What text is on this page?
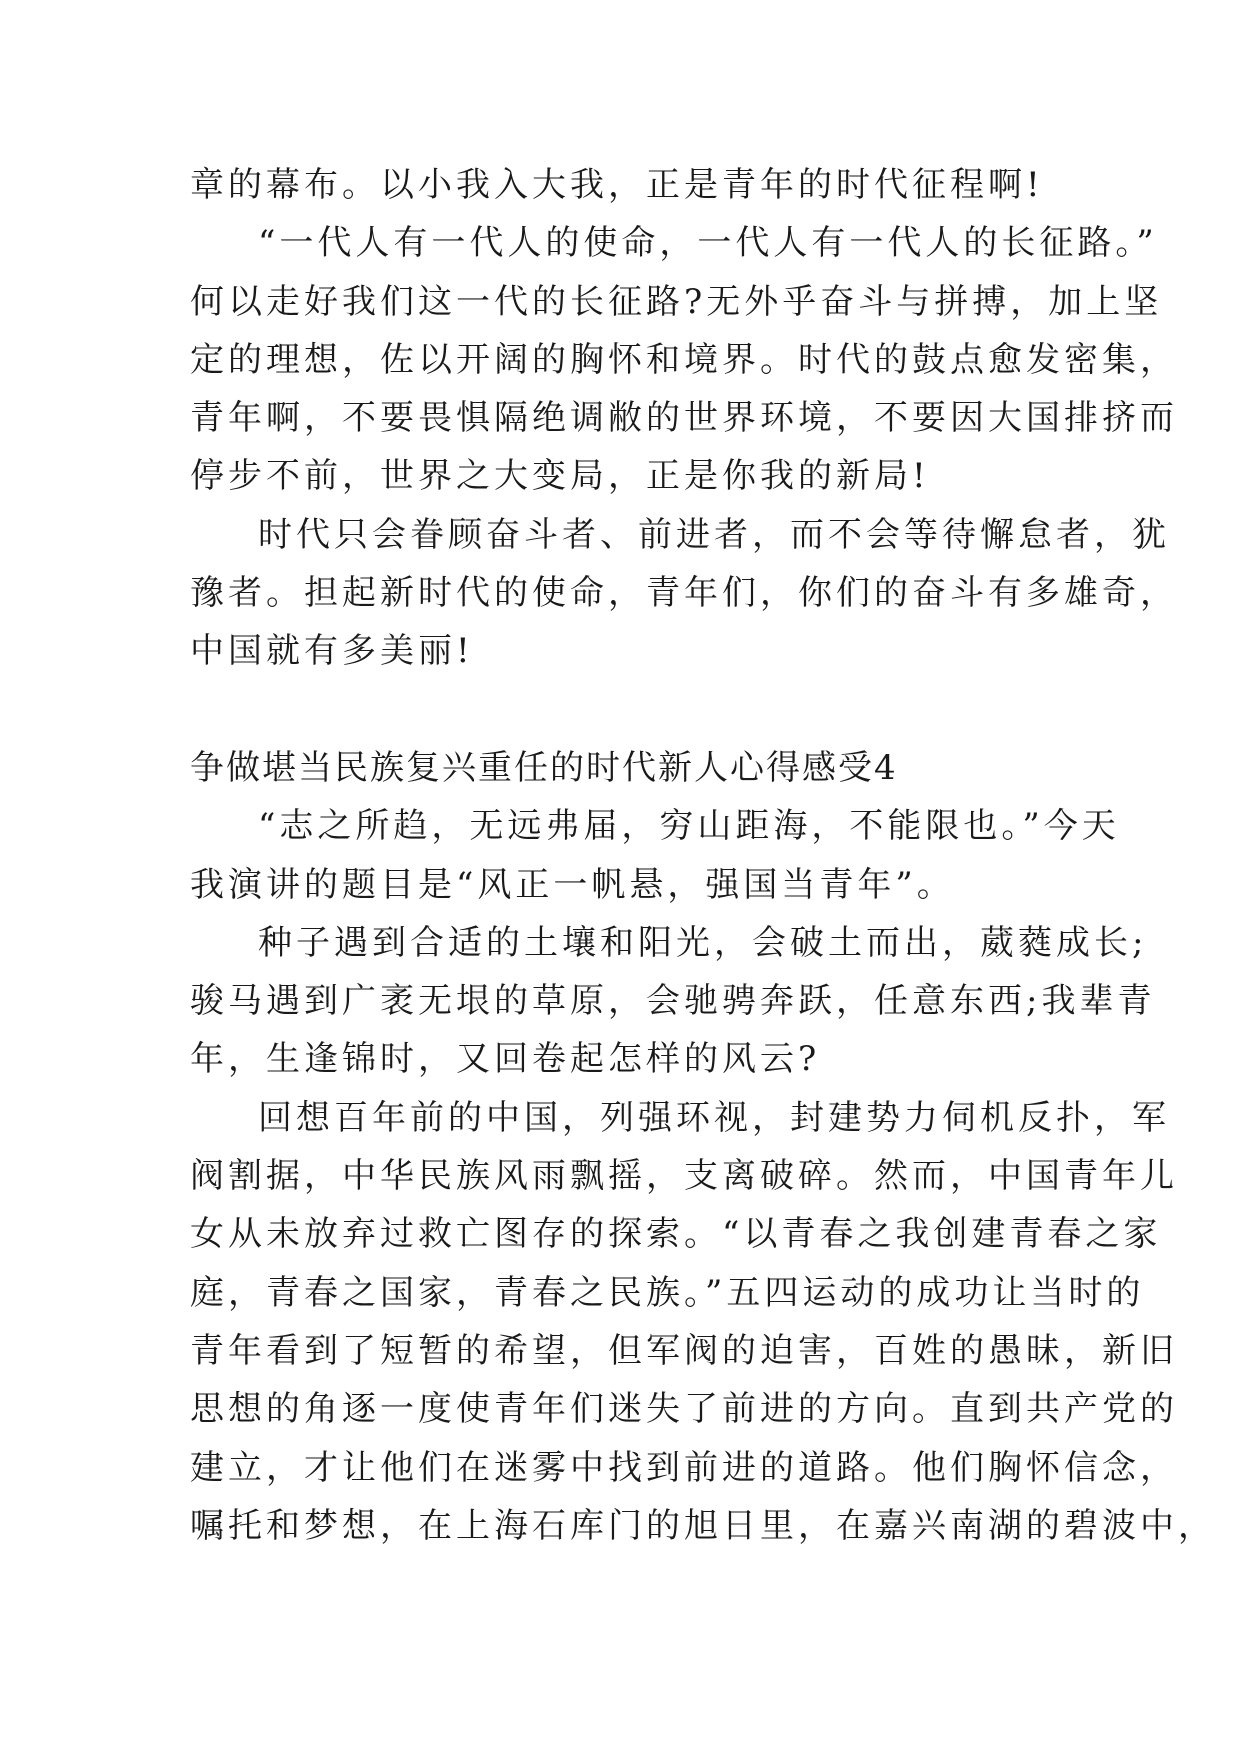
章的幕布。以小我入大我，正是青年的时代征程啊!
“一代人有一代人的使命，一代人有一代人的长征路。”
何以走好我们这一代的长征路?无外乎奋斗与拼搏，加上坚
定的理想，佐以开阔的胸怀和境界。时代的鼓点愈发密集，
青年啊，不要畏惧隔绝调敝的世界环境，不要因大国排挤而
停步不前，世界之大变局，正是你我的新局!
时代只会眷顾奋斗者、前进者，而不会等待懈怠者，犹
豫者。担起新时代的使命，青年们，你们的奋斗有多雄奇，
中国就有多美丽!
争做堪当民族复兴重任的时代新人心得感受4
“志之所趋，无远弗届，穷山距海，不能限也。”今天
我演讲的题目是“风正一帆悬，强国当青年”。
种子遇到合适的土壤和阳光，会破土而出，葳蕤成长;
骏马遇到广袤无垠的草原，会驰骋奔跃，任意东西;我辈青
年，生逢锦时，又回卷起怎样的风云?
回想百年前的中国，列强环视，封建势力伺机反扑，军
阀割据，中华民族风雨飘摇，支离破碎。然而，中国青年儿
女从未放弃过救亡图存的探索。“以青春之我创建青春之家
庭，青春之国家，青春之民族。”五四运动的成功让当时的
青年看到了短暂的希望，但军阀的迫害，百姓的愚昧，新旧
思想的角逐一度使青年们迷失了前进的方向。直到共产党的
建立，才让他们在迷雾中找到前进的道路。他们胸怀信念，
嘱托和梦想，在上海石库门的旭日里，在嘉兴南湖的碧波中，
